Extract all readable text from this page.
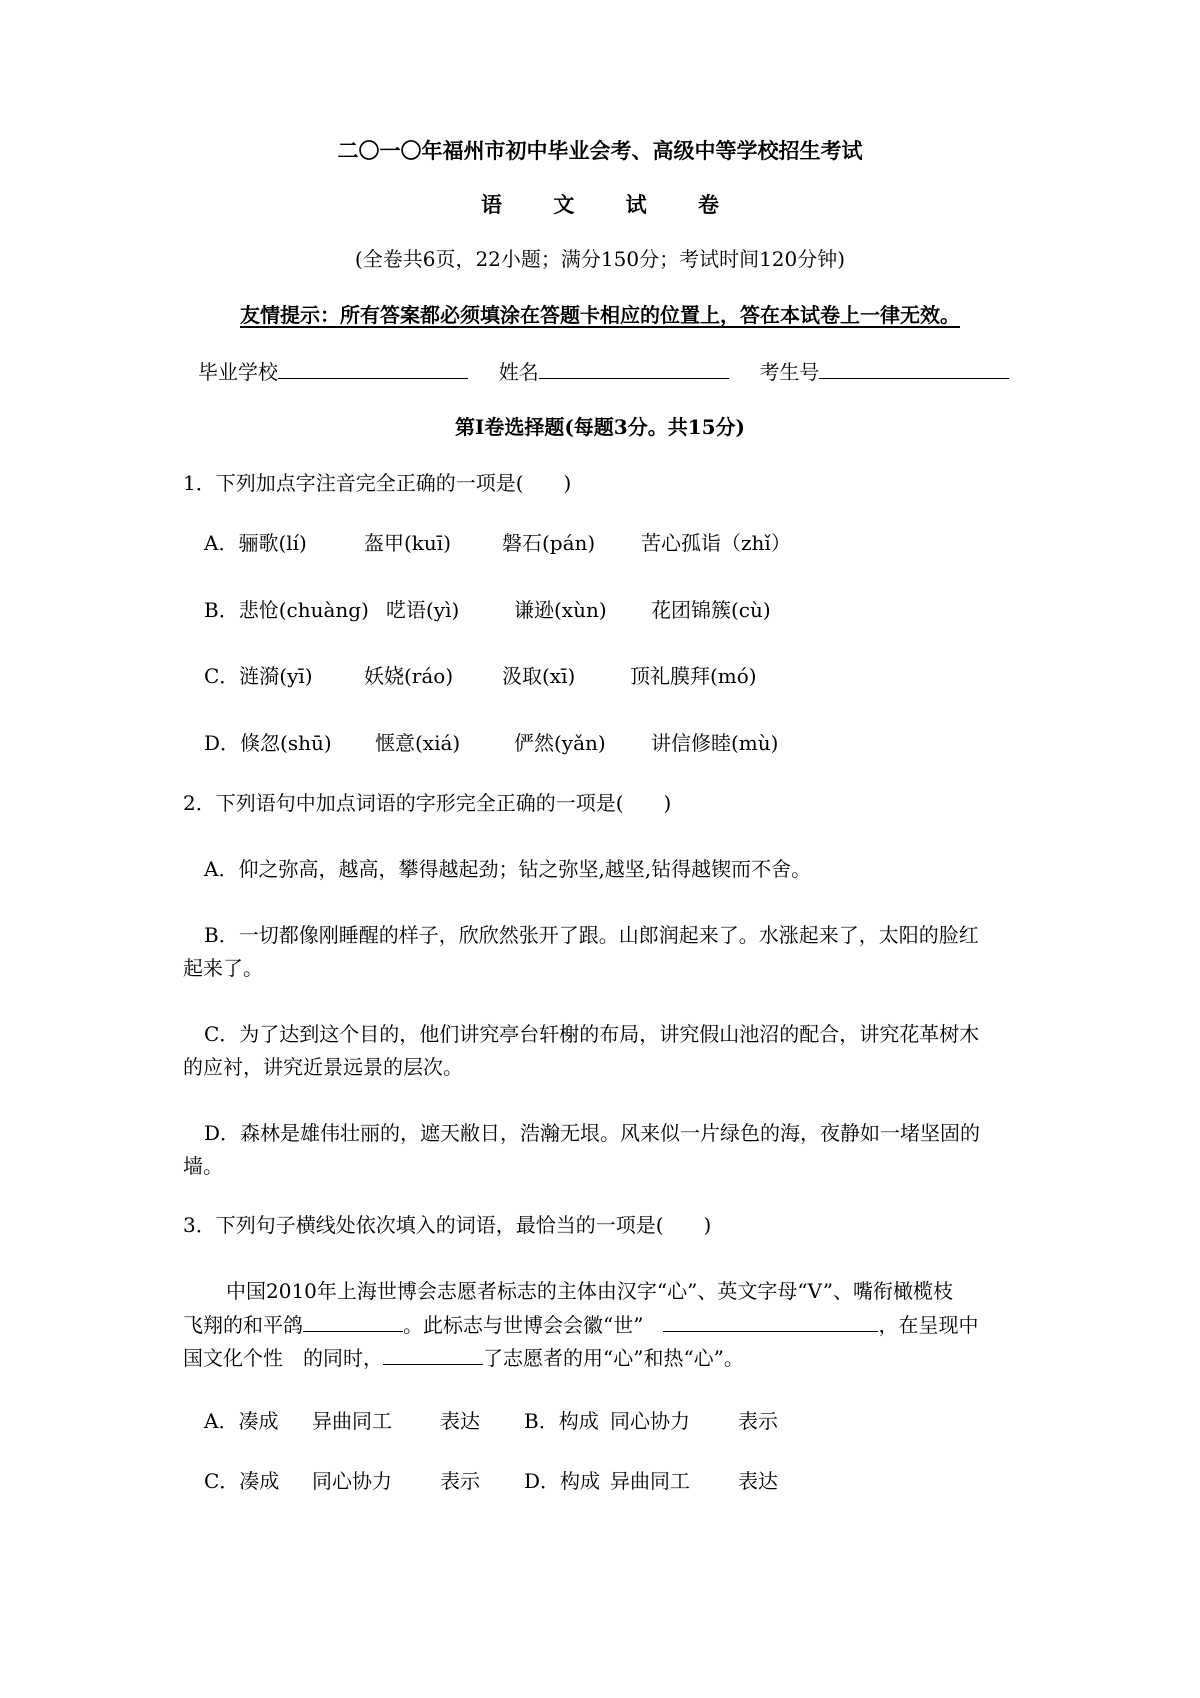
二〇一〇年福州市初中毕业会考、高级中等学校招生考试
语 文 试 卷
(全卷共6页，22小题；满分150分；考试时间120分钟)
友情提示：所有答案都必须填涂在答题卡相应的位置上，答在本试卷上一律无效。
毕业学校	姓名	考生号
第Ⅰ卷选择题(每题3分。共15分)
1．下列加点字注音完全正确的一项是(　　)
A．骊歌(lí)	盔甲(kuī)	磐石(pán) 苦心孤诣（zhǐ）
B．悲怆(chuàng) 呓语(yì)	谦逊(xùn) 花团锦簇(cù)
C．涟漪(yī)	妖娆(ráo) 汲取(xī)	顶礼膜拜(mó)
D．倏忽(shū) 惬意(xiá)	俨然(yǎn) 讲信修睦(mù)
2．下列语句中加点词语的字形完全正确的一项是(　　)
A．仰之弥高，越高，攀得越起劲；钻之弥坚,越坚,钻得越锲而不舍。
B．一切都像刚睡醒的样子，欣欣然张开了跟。山郎润起来了。水涨起来了，太阳的脸红
起来了。
C．为了达到这个目的，他们讲究亭台轩榭的布局，讲究假山池沼的配合，讲究花革树木
的应衬，讲究近景远景的层次。
D．森林是雄伟壮丽的，遮天敝日，浩瀚无垠。风来似一片绿色的海，夜静如一堵坚固的
墙。
3．下列句子横线处依次填入的词语，最恰当的一项是(　　)
中国2010年上海世博会志愿者标志的主体由汉字“心”、英文字母“V”、嘴衔橄榄枝
飞翔的和平鸽	。此标志与世博会会徽“世”	，在呈现中
国文化个性　的同时，	了志愿者的用“心”和热“心”。
A．凑成 异曲同工 表达 B．构成 同心协力 表示
C．凑成 同心协力 表示 D．构成 异曲同工 表达
